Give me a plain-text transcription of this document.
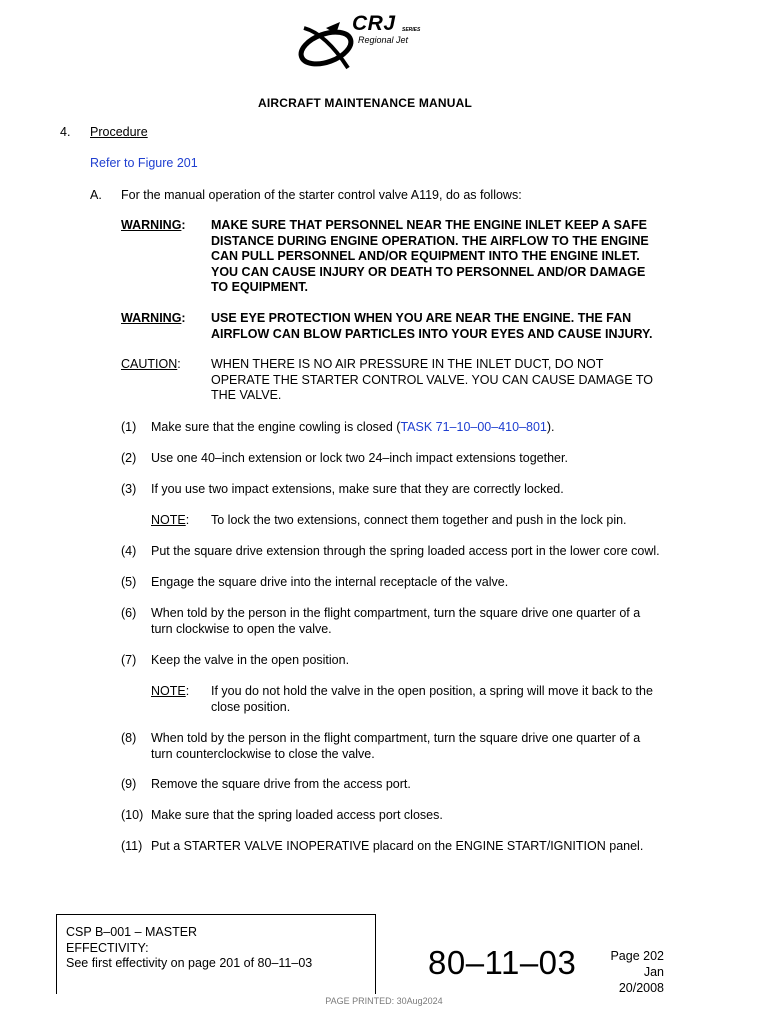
CRJ SERIES
Regional Jet
AIRCRAFT MAINTENANCE MANUAL
4. Procedure
Refer to Figure 201
A. For the manual operation of the starter control valve A119, do as follows:
WARNING:	MAKE SURE THAT PERSONNEL NEAR THE ENGINE INLET KEEP A SAFE
DISTANCE DURING ENGINE OPERATION. THE AIRFLOW TO THE ENGINE
CAN PULL PERSONNEL AND/OR EQUIPMENT INTO THE ENGINE INLET.
YOU CAN CAUSE INJURY OR DEATH TO PERSONNEL AND/OR DAMAGE
TO EQUIPMENT.
WARNING:	USE EYE PROTECTION WHEN YOU ARE NEAR THE ENGINE. THE FAN
AIRFLOW CAN BLOW PARTICLES INTO YOUR EYES AND CAUSE INJURY.
CAUTION:	WHEN THERE IS NO AIR PRESSURE IN THE INLET DUCT, DO NOT
OPERATE THE STARTER CONTROL VALVE. YOU CAN CAUSE DAMAGE TO
THE VALVE.
(1) Make sure that the engine cowling is closed (TASK 71–10–00–410–801).
(2) Use one 40–inch extension or lock two 24–inch impact extensions together.
(3) If you use two impact extensions, make sure that they are correctly locked.
NOTE: To lock the two extensions, connect them together and push in the lock pin.
(4) Put the square drive extension through the spring loaded access port in the lower core cowl.
(5) Engage the square drive into the internal receptacle of the valve.
(6) When told by the person in the flight compartment, turn the square drive one quarter of a
turn clockwise to open the valve.
(7) Keep the valve in the open position.
NOTE: If you do not hold the valve in the open position, a spring will move it back to the
close position.
(8) When told by the person in the flight compartment, turn the square drive one quarter of a
turn counterclockwise to close the valve.
(9) Remove the square drive from the access port.
(10) Make sure that the spring loaded access port closes.
(11) Put a STARTER VALVE INOPERATIVE placard on the ENGINE START/IGNITION panel.
CSP B–001 – MASTER
EFFECTIVITY:
See first effectivity on page 201 of 80–11–03	80–11–03	Page 202
Jan 20/2008
PAGE PRINTED: 30Aug2024
